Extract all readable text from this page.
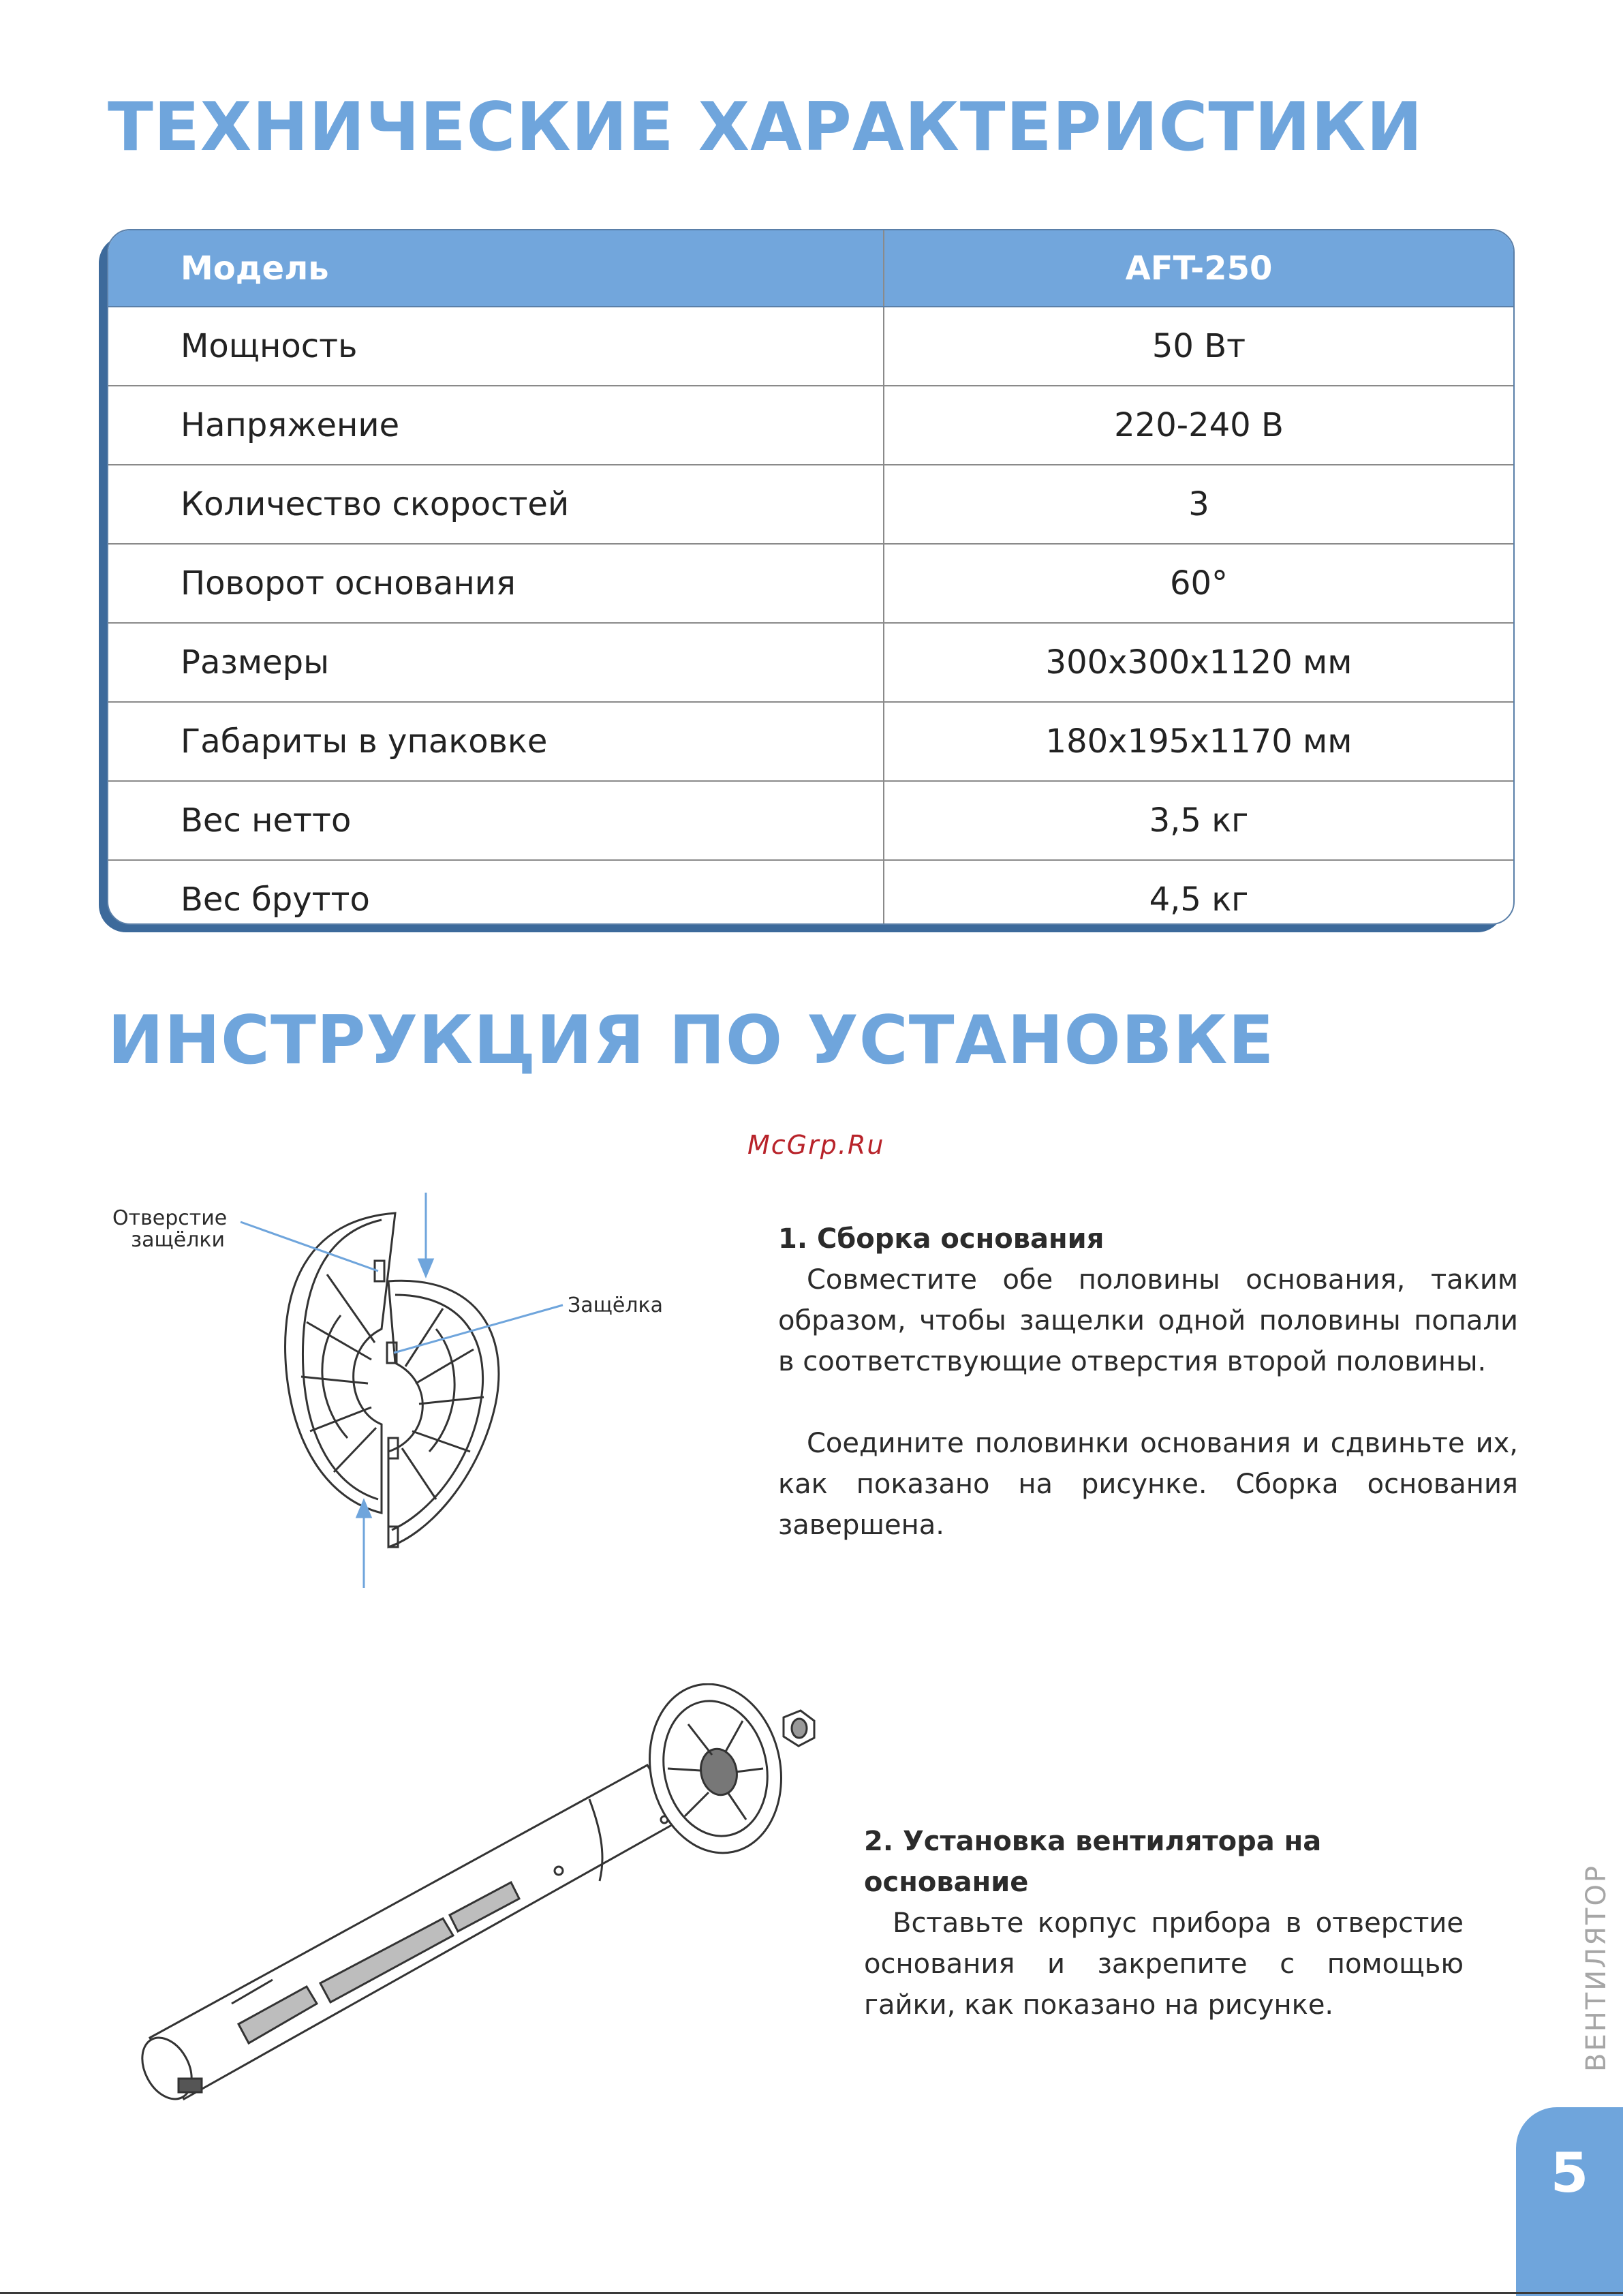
ТЕХНИЧЕСКИЕ ХАРАКТЕРИСТИКИ
Модель	AFT-250
Мощность	50 Вт
Напряжение	220-240 В
Количество скоростей	3
Поворот основания	60°
Размеры	300x300x1120 мм
Габариты в упаковке	180x195x1170 мм
Вес нетто	3,5 кг
Вес брутто	4,5 кг
ИНСТРУКЦИЯ ПО УСТАНОВКЕ
McGrp.Ru
Отверстие
защёлки
Защёлка
1. Сборка основания

Совместите обе половины основания, таким образом, чтобы защелки одной половины попали в соответствующие отверстия второй половины.

Соедините половинки основания и сдвиньте их, как показано на рисунке. Сборка основания завершена.

2. Установка вентилятора на основание

Вставьте корпус прибора в отверстие основания и закрепите с помощью гайки, как показано на рисунке.	ВЕНТИЛЯТОР
5
